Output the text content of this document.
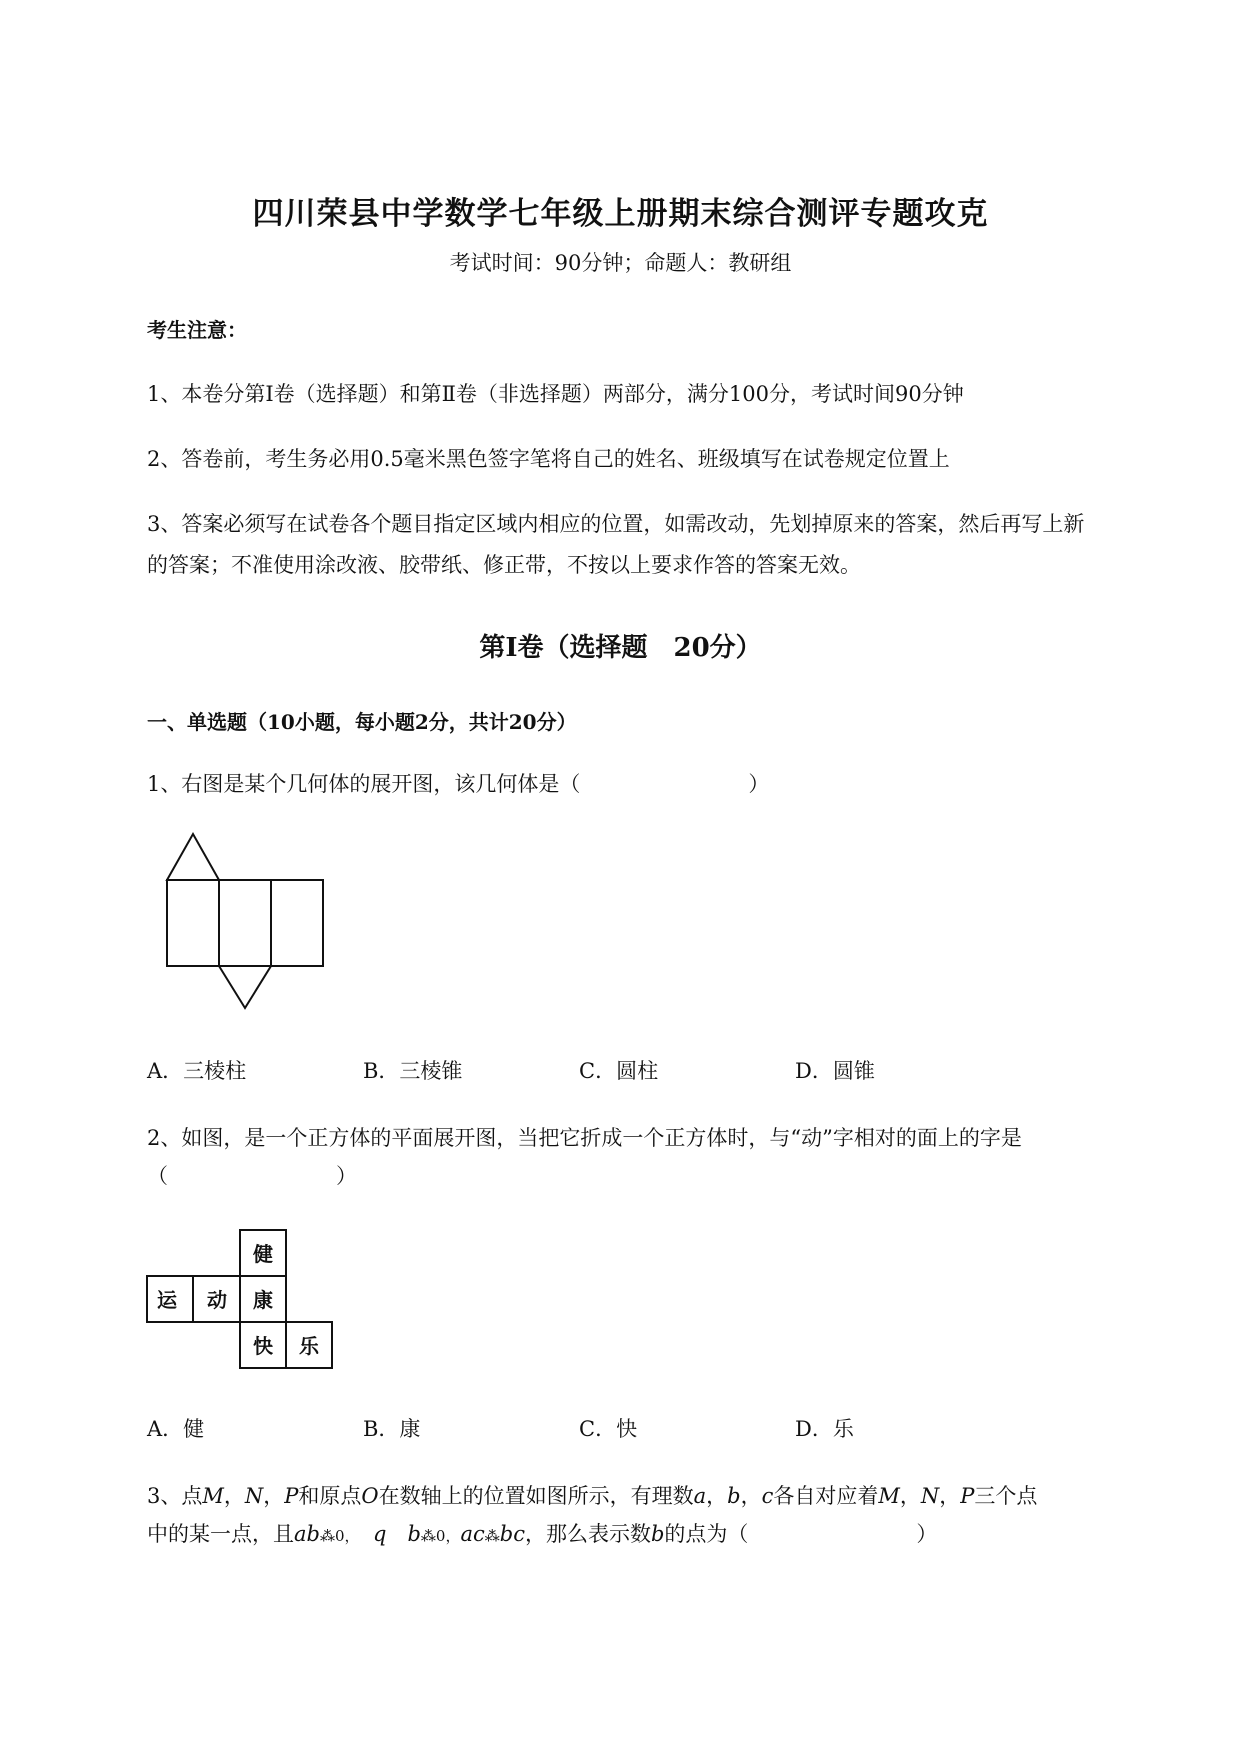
四川荣县中学数学七年级上册期末综合测评专题攻克
考试时间：90分钟；命题人：教研组
考生注意：
1、本卷分第I卷（选择题）和第Ⅱ卷（非选择题）两部分，满分100分，考试时间90分钟
2、答卷前，考生务必用0.5毫米黑色签字笔将自己的姓名、班级填写在试卷规定位置上
3、答案必须写在试卷各个题目指定区域内相应的位置，如需改动，先划掉原来的答案，然后再写上新
的答案；不准使用涂改液、胶带纸、修正带，不按以上要求作答的答案无效。
第I卷（选择题　20分）
一、单选题（10小题，每小题2分，共计20分）
1、右图是某个几何体的展开图，该几何体是（　　　　　　　　）
A．三棱柱	B．三棱锥	C．圆柱	D．圆锥
2、如图，是一个正方体的平面展开图，当把它折成一个正方体时，与“动”字相对的面上的字是
（　　　　　　　　）
健
运 动 康
快 乐
A．健	B．康	C．快	D．乐
3、点M，N，P和原点O在数轴上的位置如图所示，有理数a，b，c各自对应着M，N，P三个点
中的某一点，且ab⁂0，　 q　 b⁂0，ac⁂bc，那么表示数b的点为（　　　　　　　　）
